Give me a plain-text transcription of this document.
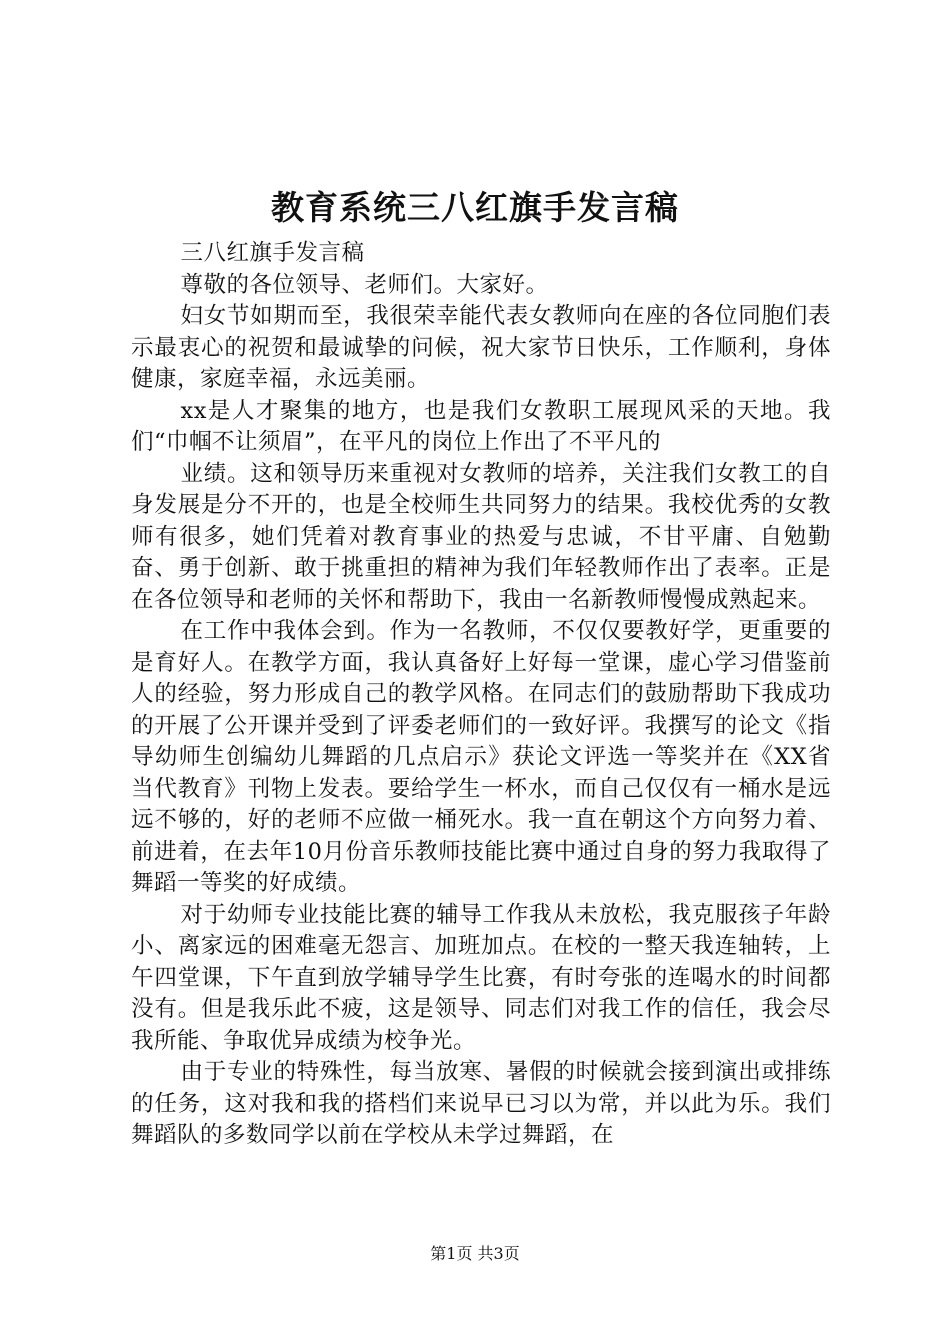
教育系统三八红旗手发言稿

三八红旗手发言稿

尊敬的各位领导、老师们。大家好。

妇女节如期而至，我很荣幸能代表女教师向在座的各位同胞们表示最衷心的祝贺和最诚挚的问候，祝大家节日快乐，工作顺利，身体健康，家庭幸福，永远美丽。

xx是人才聚集的地方，也是我们女教职工展现风采的天地。我们“巾帼不让须眉”，在平凡的岗位上作出了不平凡的

业绩。这和领导历来重视对女教师的培养，关注我们女教工的自身发展是分不开的，也是全校师生共同努力的结果。我校优秀的女教师有很多，她们凭着对教育事业的热爱与忠诚，不甘平庸、自勉勤奋、勇于创新、敢于挑重担的精神为我们年轻教师作出了表率。正是在各位领导和老师的关怀和帮助下，我由一名新教师慢慢成熟起来。

在工作中我体会到。作为一名教师，不仅仅要教好学，更重要的是育好人。在教学方面，我认真备好上好每一堂课，虚心学习借鉴前人的经验，努力形成自己的教学风格。在同志们的鼓励帮助下我成功的开展了公开课并受到了评委老师们的一致好评。我撰写的论文《指导幼师生创编幼儿舞蹈的几点启示》获论文评选一等奖并在《XX省当代教育》刊物上发表。要给学生一杯水，而自己仅仅有一桶水是远远不够的，好的老师不应做一桶死水。我一直在朝这个方向努力着、前进着，在去年10月份音乐教师技能比赛中通过自身的努力我取得了舞蹈一等奖的好成绩。

对于幼师专业技能比赛的辅导工作我从未放松，我克服孩子年龄小、离家远的困难毫无怨言、加班加点。在校的一整天我连轴转，上午四堂课，下午直到放学辅导学生比赛，有时夸张的连喝水的时间都没有。但是我乐此不疲，这是领导、同志们对我工作的信任，我会尽我所能、争取优异成绩为校争光。

由于专业的特殊性，每当放寒、暑假的时候就会接到演出或排练的任务，这对我和我的搭档们来说早已习以为常，并以此为乐。我们舞蹈队的多数同学以前在学校从未学过舞蹈，在

第1页 共3页
